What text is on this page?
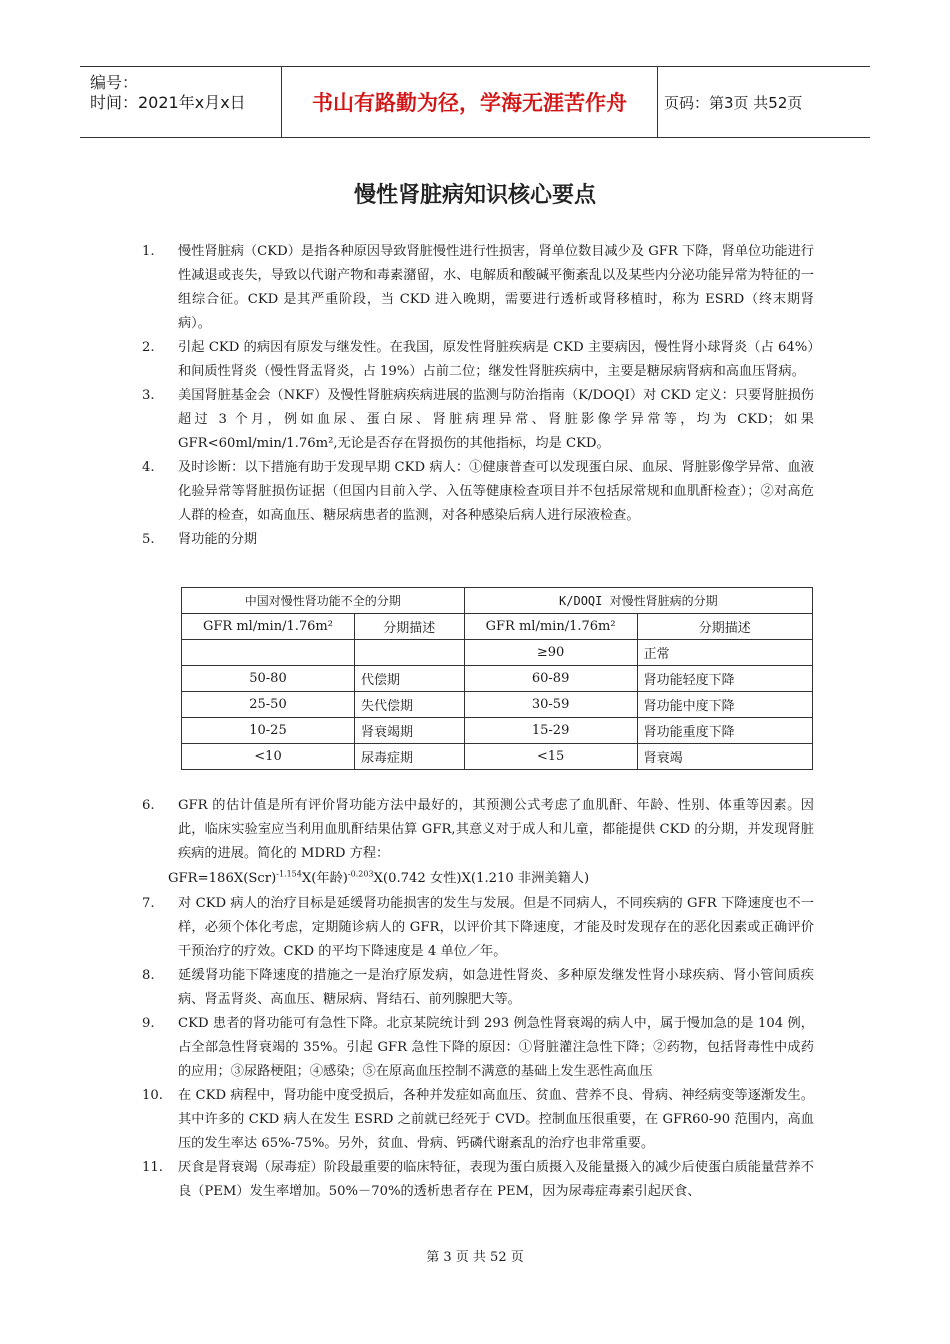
编号：
时间：2021年x月x日	书山有路勤为径，学海无涯苦作舟	页码：第3页 共52页
慢性肾脏病知识核心要点
1.	慢性肾脏病（CKD）是指各种原因导致肾脏慢性进行性损害，肾单位数目减少及 GFR 下降，肾单位功能进行性减退或丧失，导致以代谢产物和毒素潴留，水、电解质和酸碱平衡紊乱以及某些内分泌功能异常为特征的一组综合征。CKD 是其严重阶段，当 CKD 进入晚期，需要进行透析或肾移植时，称为 ESRD（终末期肾病）。
2.	引起 CKD 的病因有原发与继发性。在我国，原发性肾脏疾病是 CKD 主要病因，慢性肾小球肾炎（占 64%）和间质性肾炎（慢性肾盂肾炎，占 19%）占前二位；继发性肾脏疾病中，主要是糖尿病肾病和高血压肾病。
3.	美国肾脏基金会（NKF）及慢性肾脏病疾病进展的监测与防治指南（K/DOQI）对 CKD 定义：只要肾脏损伤超过 3 个月，例如血尿、蛋白尿、肾脏病理异常、肾脏影像学异常等，均为 CKD；如果 GFR<60ml/min/1.76m²,无论是否存在肾损伤的其他指标，均是 CKD。
4.	及时诊断：以下措施有助于发现早期 CKD 病人：①健康普查可以发现蛋白尿、血尿、肾脏影像学异常、血液化验异常等肾脏损伤证据（但国内目前入学、入伍等健康检查项目并不包括尿常规和血肌酐检查）；②对高危人群的检查，如高血压、糖尿病患者的监测，对各种感染后病人进行尿液检查。
5.	肾功能的分期
中国对慢性肾功能不全的分期		K/DOQI 对慢性肾脏病的分期	
GFR ml/min/1.76m²	分期描述	GFR ml/min/1.76m²	分期描述
		≥90	正常
50-80	代偿期	60-89	肾功能轻度下降
25-50	失代偿期	30-59	肾功能中度下降
10-25	肾衰竭期	15-29	肾功能重度下降
<10	尿毒症期	<15	肾衰竭
6.	GFR 的估计值是所有评价肾功能方法中最好的，其预测公式考虑了血肌酐、年龄、性别、体重等因素。因此，临床实验室应当利用血肌酐结果估算 GFR,其意义对于成人和儿童，都能提供 CKD 的分期，并发现肾脏疾病的进展。简化的 MDRD 方程：
GFR=186X(Scr)$^{-1.154}$X(年龄)$^{-0.203}$X(0.742 女性)X(1.210 非洲美籍人)
7.	对 CKD 病人的治疗目标是延缓肾功能损害的发生与发展。但是不同病人，不同疾病的 GFR 下降速度也不一样，必须个体化考虑，定期随诊病人的 GFR，以评价其下降速度，才能及时发现存在的恶化因素或正确评价干预治疗的疗效。CKD 的平均下降速度是 4 单位／年。
8.	延缓肾功能下降速度的措施之一是治疗原发病，如急进性肾炎、多种原发继发性肾小球疾病、肾小管间质疾病、肾盂肾炎、高血压、糖尿病、肾结石、前列腺肥大等。
9.	CKD 患者的肾功能可有急性下降。北京某院统计到 293 例急性肾衰竭的病人中，属于慢加急的是 104 例，占全部急性肾衰竭的 35%。引起 GFR 急性下降的原因：①肾脏灌注急性下降；②药物，包括肾毒性中成药的应用；③尿路梗阻；④感染；⑤在原高血压控制不满意的基础上发生恶性高血压
10.	在 CKD 病程中，肾功能中度受损后，各种并发症如高血压、贫血、营养不良、骨病、神经病变等逐渐发生。其中许多的 CKD 病人在发生 ESRD 之前就已经死于 CVD。控制血压很重要，在 GFR60-90 范围内，高血压的发生率达 65%-75%。另外，贫血、骨病、钙磷代谢紊乱的治疗也非常重要。
11.	厌食是肾衰竭（尿毒症）阶段最重要的临床特征，表现为蛋白质摄入及能量摄入的减少后使蛋白质能量营养不良（PEM）发生率增加。50%－70%的透析患者存在 PEM，因为尿毒症毒素引起厌食、
第 3 页 共 52 页
